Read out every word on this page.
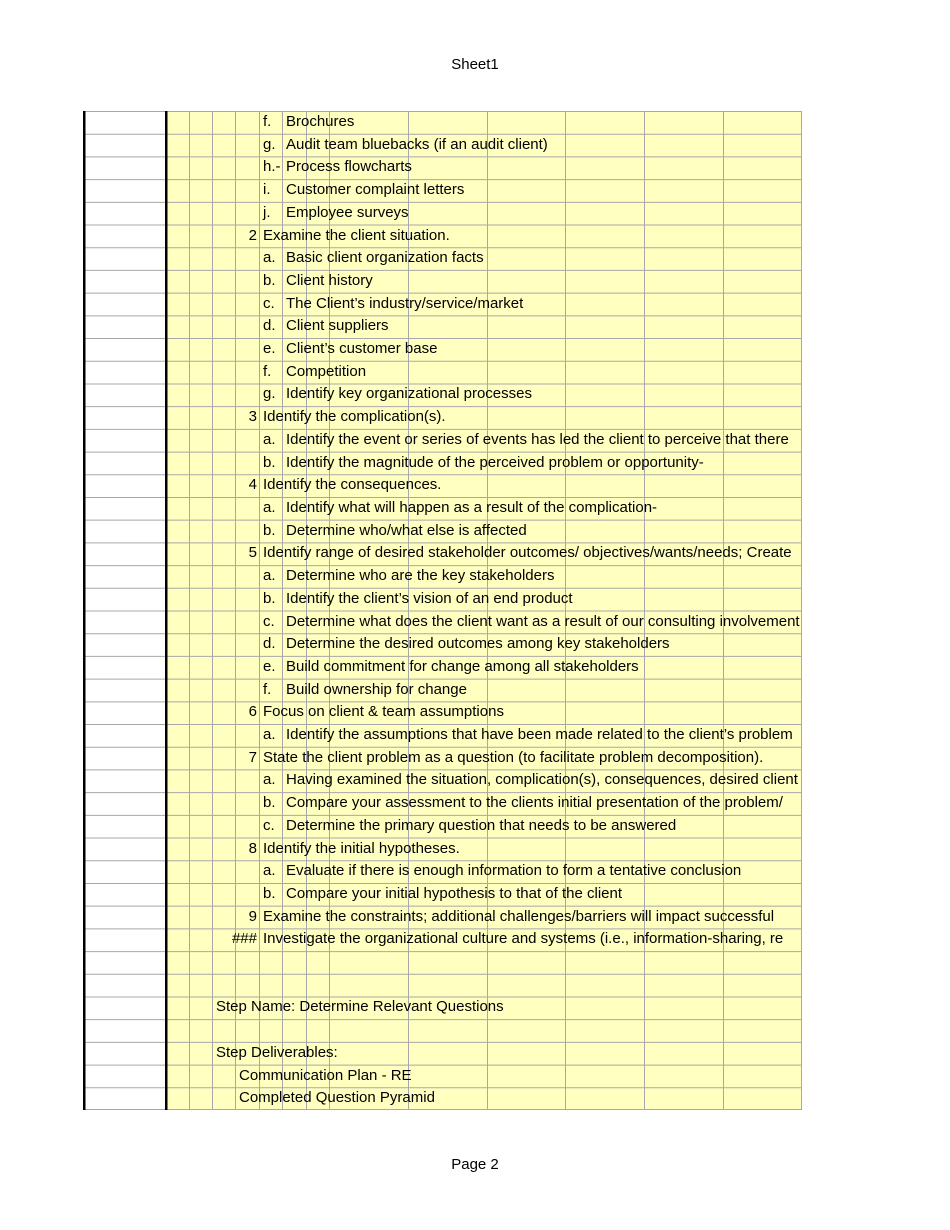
Sheet1
f. Brochures
g. Audit team bluebacks (if an audit client)
h.- Process flowcharts
i.	Customer complaint letters
j.	Employee surveys
2 Examine the client situation.
a. Basic client organization facts
b. Client history
c. The Client’s industry/service/market
d. Client suppliers
e. Client’s customer base
f. Competition
g. Identify key organizational processes
3 Identify the complication(s).
a. Identify the event or series of events has led the client to perceive that there
b. Identify the magnitude of the perceived problem or opportunity-
4 Identify the consequences.
a. Identify what will happen as a result of the complication-
b. Determine who/what else is affected
5 Identify range of desired stakeholder outcomes/ objectives/wants/needs; Create
a. Determine who are the key stakeholders
b. Identify the client’s vision of an end product
c. Determine what does the client want as a result of our consulting involvement
d. Determine the desired outcomes among key stakeholders
e. Build commitment for change among all stakeholders
f. Build ownership for change
6 Focus on client & team assumptions
a. Identify the assumptions that have been made related to the client’s problem
7 State the client problem as a question (to facilitate problem decomposition).
a. Having examined the situation, complication(s), consequences, desired client
b. Compare your assessment to the clients initial presentation of the problem/
c. Determine the primary question that needs to be answered
8 Identify the initial hypotheses.
a. Evaluate if there is enough information to form a tentative conclusion
b. Compare your initial hypothesis to that of the client
9 Examine the constraints; additional challenges/barriers will impact successful
### Investigate the organizational culture and systems (i.e., information-sharing, re
Step Name: Determine Relevant Questions
Step Deliverables:
Communication Plan - RE
Completed Question Pyramid
Page 2
